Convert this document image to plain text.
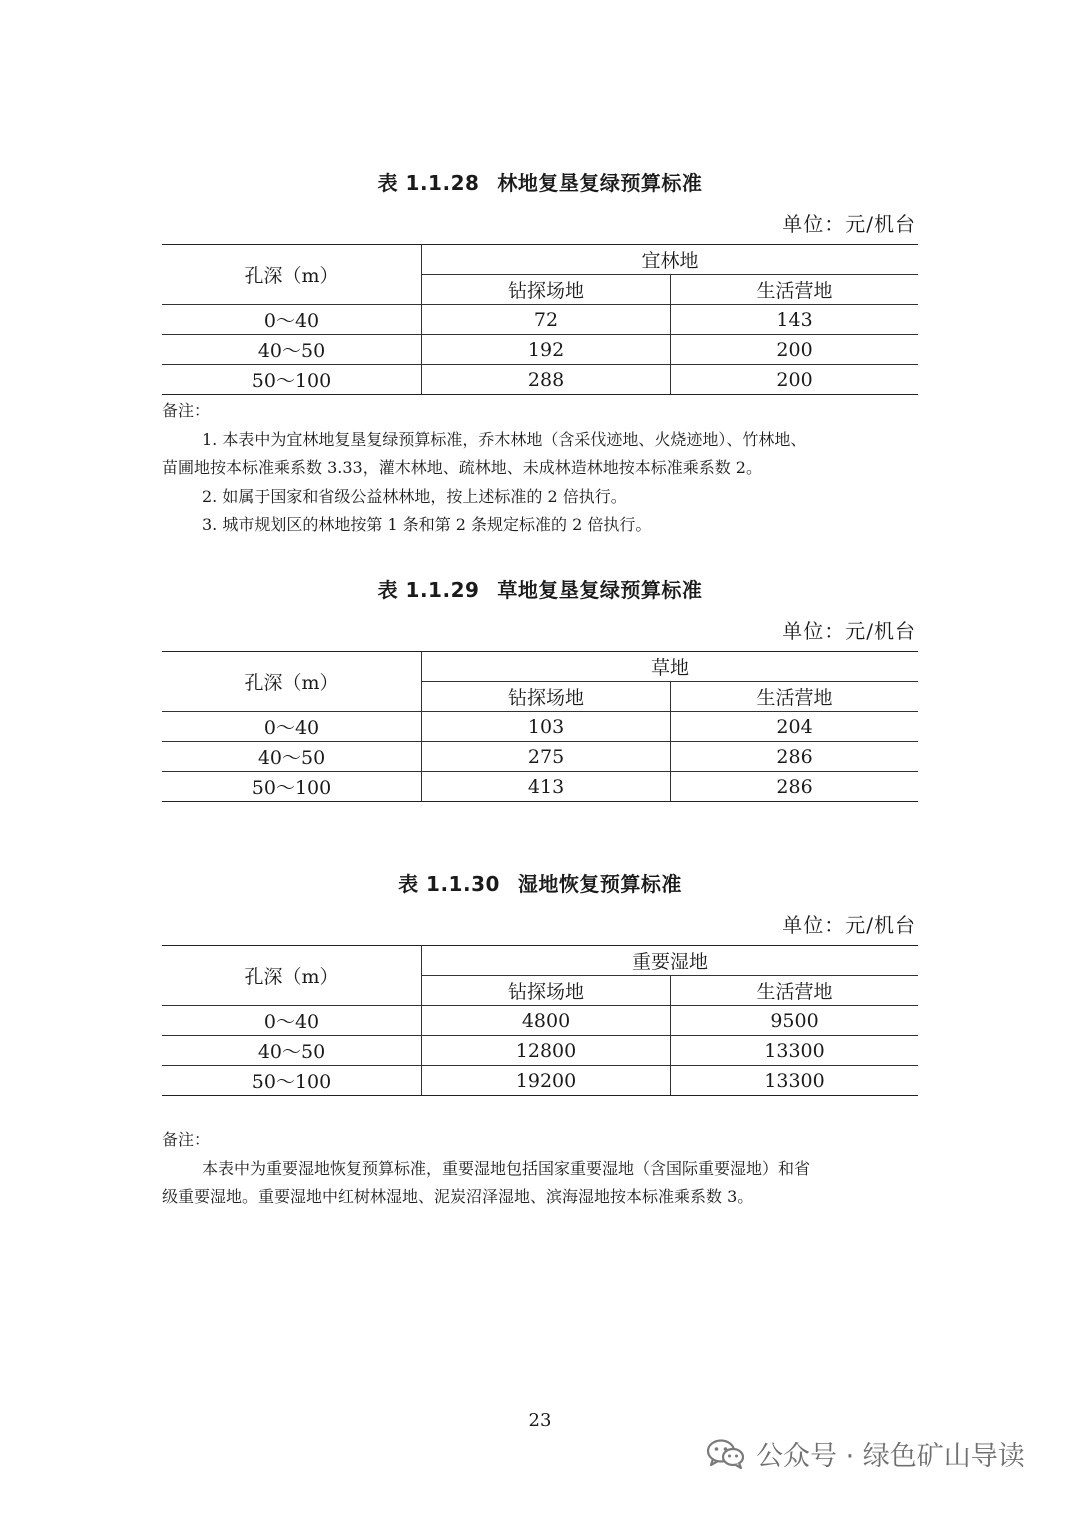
表 1.1.28 林地复垦复绿预算标准
单位：元/机台
孔深（m）	宜林地	
	钻探场地	生活营地
0～40	72	143
40～50	192	200
50～100	288	200

备注：

1. 本表中为宜林地复垦复绿预算标准，乔木林地（含采伐迹地、火烧迹地）、竹林地、

苗圃地按本标准乘系数 3.33，灌木林地、疏林地、未成林造林地按本标准乘系数 2。

2. 如属于国家和省级公益林林地，按上述标准的 2 倍执行。

3. 城市规划区的林地按第 1 条和第 2 条规定标准的 2 倍执行。

表 1.1.29 草地复垦复绿预算标准
单位：元/机台
孔深（m）	草地	
	钻探场地	生活营地
0～40	103	204
40～50	275	286
50～100	413	286
表 1.1.30 湿地恢复预算标准
单位：元/机台
孔深（m）	重要湿地	
	钻探场地	生活营地
0～40	4800	9500
40～50	12800	13300
50～100	19200	13300

备注：

本表中为重要湿地恢复预算标准，重要湿地包括国家重要湿地（含国际重要湿地）和省

级重要湿地。重要湿地中红树林湿地、泥炭沼泽湿地、滨海湿地按本标准乘系数 3。

23
公众号 · 绿色矿山导读
